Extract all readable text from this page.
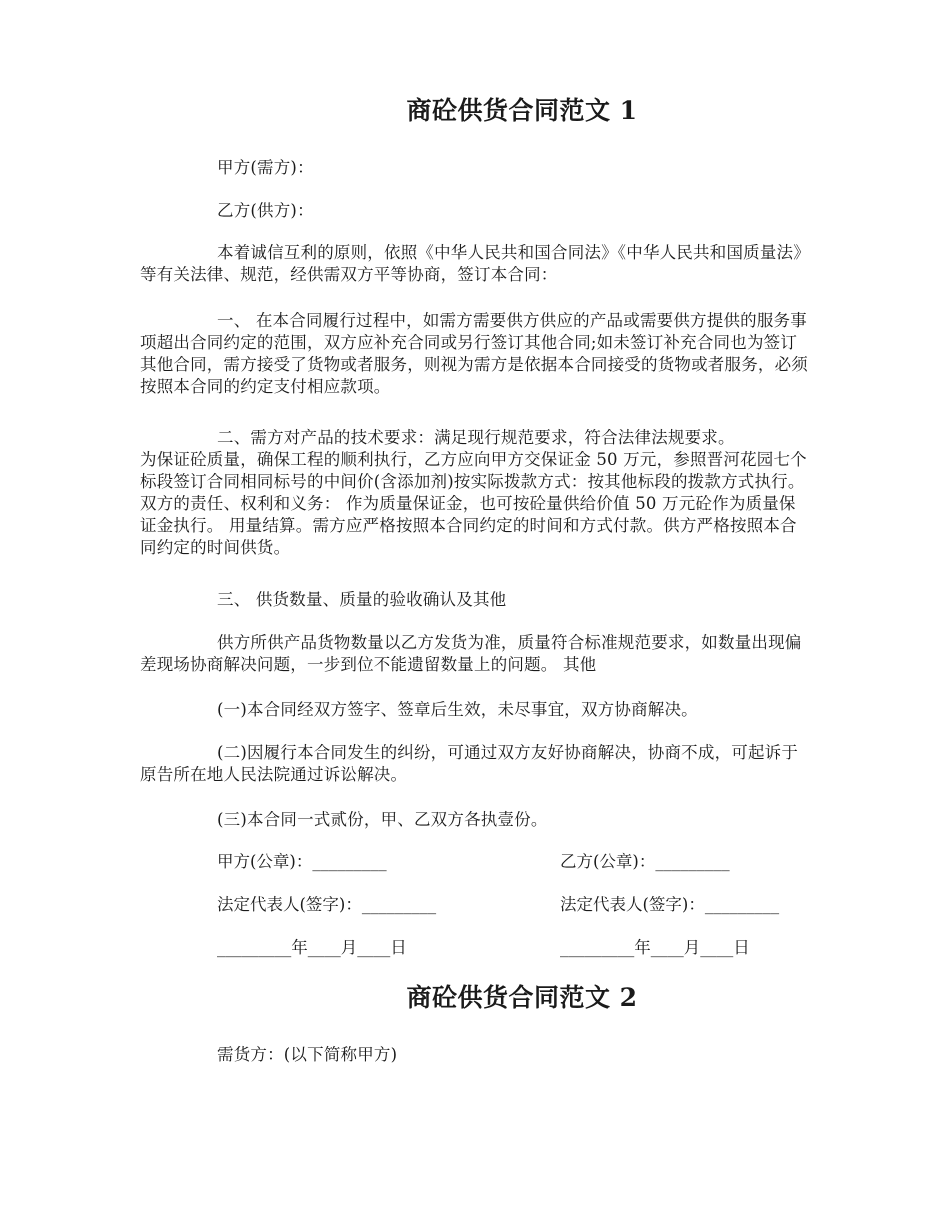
商砼供货合同范文 1
甲方(需方)：
乙方(供方)：
本着诚信互利的原则，依照《中华人民共和国合同法》《中华人民共和国质量法》等有关法律、规范，经供需双方平等协商，签订本合同：
一、 在本合同履行过程中，如需方需要供方供应的产品或需要供方提供的服务事项超出合同约定的范围，双方应补充合同或另行签订其他合同;如未签订补充合同也为签订其他合同，需方接受了货物或者服务，则视为需方是依据本合同接受的货物或者服务，必须按照本合同的约定支付相应款项。
二、需方对产品的技术要求：满足现行规范要求，符合法律法规要求。
为保证砼质量，确保工程的顺利执行，乙方应向甲方交保证金 50 万元，参照晋河花园七个标段签订合同相同标号的中间价(含添加剂)按实际拨款方式：按其他标段的拨款方式执行。 双方的责任、权利和义务： 作为质量保证金，也可按砼量供给价值 50 万元砼作为质量保证金执行。 用量结算。需方应严格按照本合同约定的时间和方式付款。供方严格按照本合同约定的时间供货。
三、 供货数量、质量的验收确认及其他
供方所供产品货物数量以乙方发货为准，质量符合标准规范要求，如数量出现偏差现场协商解决问题，一步到位不能遗留数量上的问题。 其他
(一)本合同经双方签字、签章后生效，未尽事宜，双方协商解决。
(二)因履行本合同发生的纠纷，可通过双方友好协商解决，协商不成，可起诉于原告所在地人民法院通过诉讼解决。
(三)本合同一式贰份，甲、乙双方各执壹份。
甲方(公章)：_________	乙方(公章)：_________
法定代表人(签字)：_________	法定代表人(签字)：_________
_________年____月____日	_________年____月____日
商砼供货合同范文 2
需货方：(以下简称甲方)
